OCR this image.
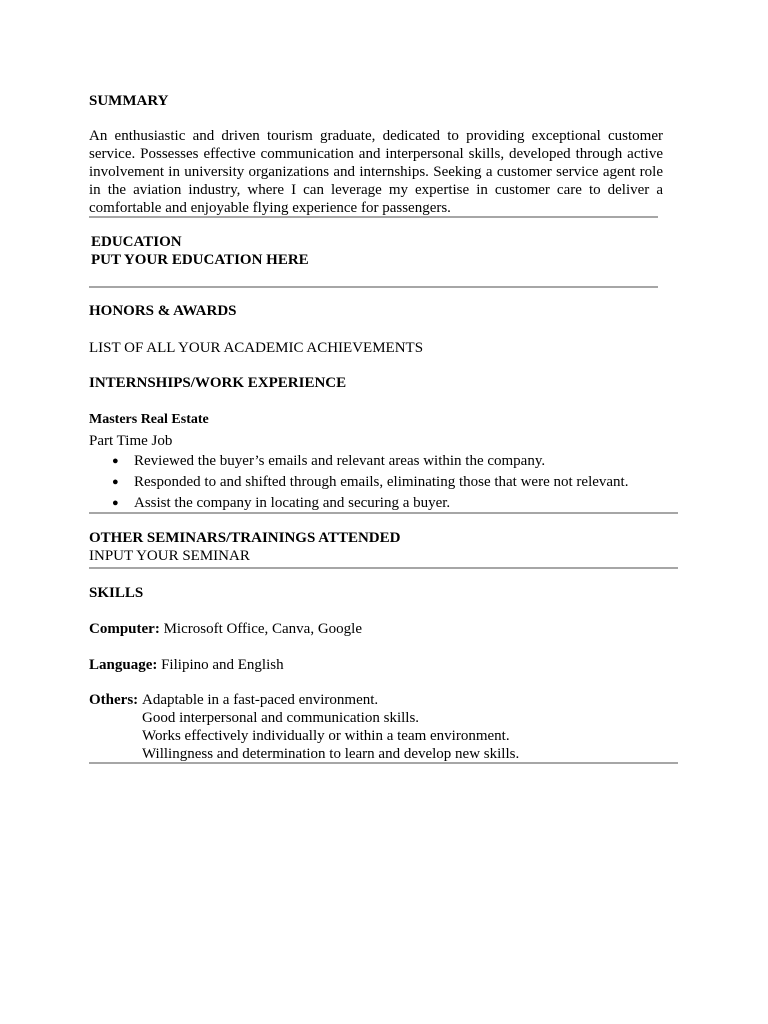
SUMMARY

An enthusiastic and driven tourism graduate, dedicated to providing exceptional customer service. Possesses effective communication and interpersonal skills, developed through active involvement in university organizations and internships. Seeking a customer service agent role in the aviation industry, where I can leverage my expertise in customer care to deliver a comfortable and enjoyable flying experience for passengers.

EDUCATION
PUT YOUR EDUCATION HERE
HONORS & AWARDS
LIST OF ALL YOUR ACADEMIC ACHIEVEMENTS
INTERNSHIPS/WORK EXPERIENCE
Masters Real Estate
Part Time Job
● Reviewed the buyer’s emails and relevant areas within the company.
● Responded to and shifted through emails, eliminating those that were not relevant.
● Assist the company in locating and securing a buyer.
OTHER SEMINARS/TRAININGS ATTENDED
INPUT YOUR SEMINAR
SKILLS
Computer: Microsoft Office, Canva, Google
Language: Filipino and English
Others: Adaptable in a fast-paced environment.
Good interpersonal and communication skills.
Works effectively individually or within a team environment.
Willingness and determination to learn and develop new skills.
